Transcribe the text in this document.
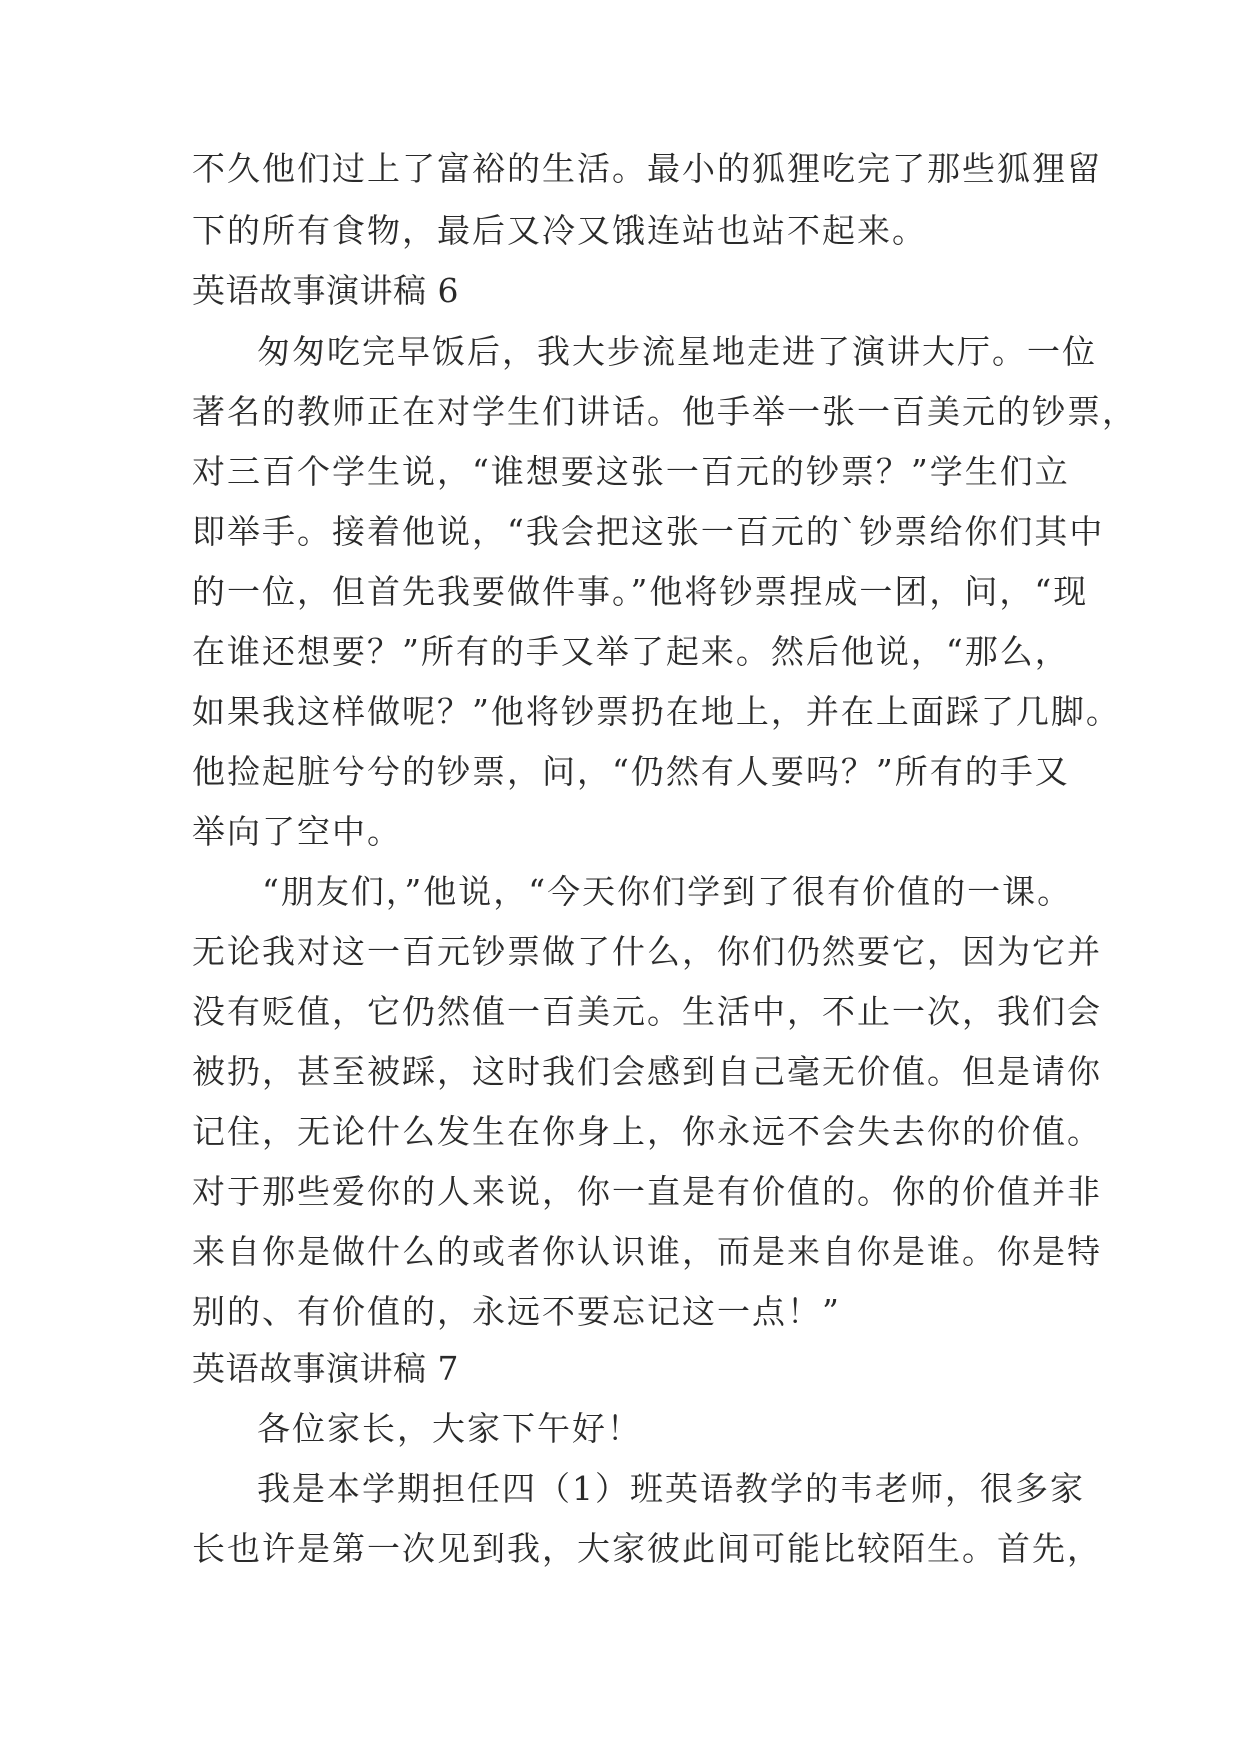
不久他们过上了富裕的生活。最小的狐狸吃完了那些狐狸留
下的所有食物，最后又冷又饿连站也站不起来。
英语故事演讲稿 6
匆匆吃完早饭后，我大步流星地走进了演讲大厅。一位
著名的教师正在对学生们讲话。他手举一张一百美元的钞票，
对三百个学生说，“谁想要这张一百元的钞票？”学生们立
即举手。接着他说，“我会把这张一百元的`钞票给你们其中
的一位，但首先我要做件事。”他将钞票捏成一团，问，“现
在谁还想要？”所有的手又举了起来。然后他说，“那么，
如果我这样做呢？”他将钞票扔在地上，并在上面踩了几脚。
他捡起脏兮兮的钞票，问，“仍然有人要吗？”所有的手又
举向了空中。
“朋友们，”他说，“今天你们学到了很有价值的一课。
无论我对这一百元钞票做了什么，你们仍然要它，因为它并
没有贬值，它仍然值一百美元。生活中，不止一次，我们会
被扔，甚至被踩，这时我们会感到自己毫无价值。但是请你
记住，无论什么发生在你身上，你永远不会失去你的价值。
对于那些爱你的人来说，你一直是有价值的。你的价值并非
来自你是做什么的或者你认识谁，而是来自你是谁。你是特
别的、有价值的，永远不要忘记这一点！”
英语故事演讲稿 7
各位家长，大家下午好！
我是本学期担任四（1）班英语教学的韦老师，很多家
长也许是第一次见到我，大家彼此间可能比较陌生。首先，
